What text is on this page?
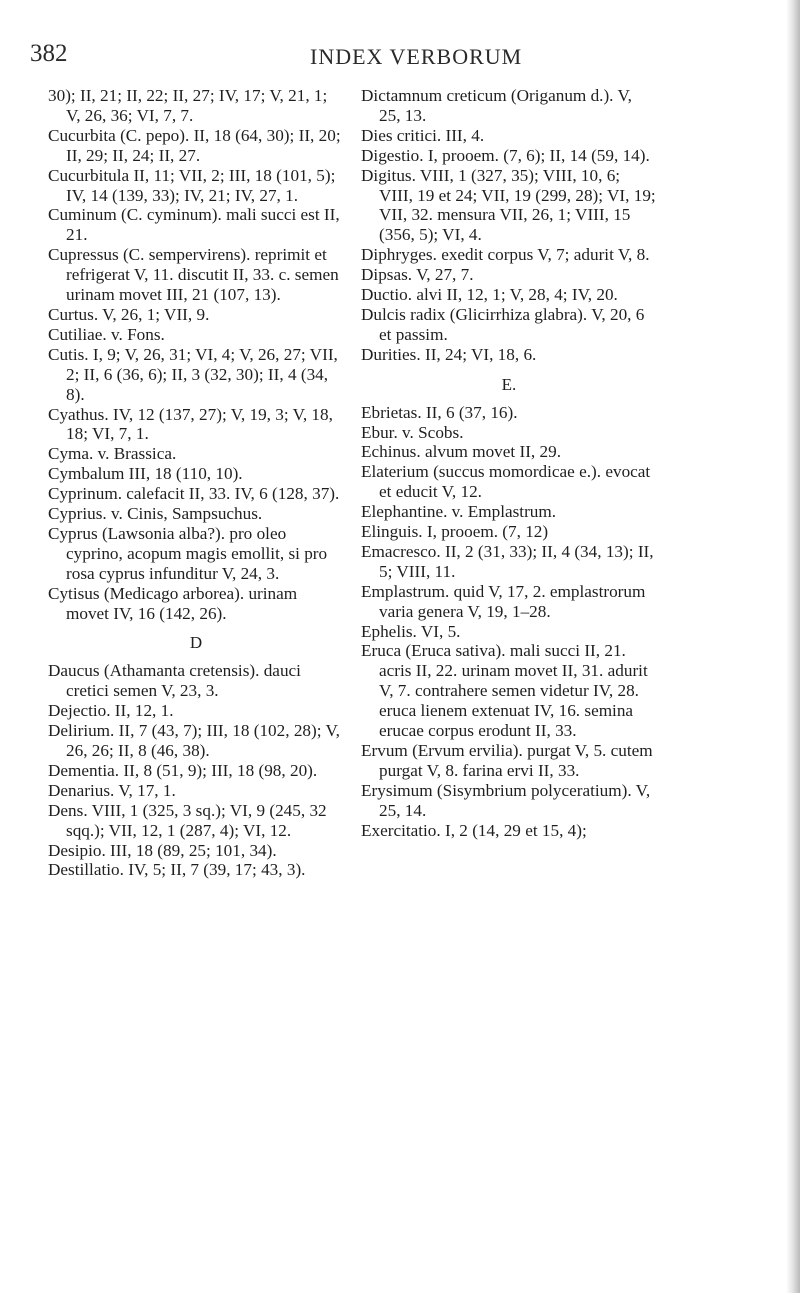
382	INDEX VERBORUM

30); II, 21; II, 22; II, 27; IV, 17; V, 21, 1; V, 26, 36; VI, 7, 7.

Cucurbita (C. pepo). II, 18 (64, 30); II, 20; II, 29; II, 24; II, 27.

Cucurbitula II, 11; VII, 2; III, 18 (101, 5); IV, 14 (139, 33); IV, 21; IV, 27, 1.

Cuminum (C. cyminum). mali succi est II, 21.

Cupressus (C. sempervirens). reprimit et refrigerat V, 11. discutit II, 33. c. semen urinam movet III, 21 (107, 13).

Curtus. V, 26, 1; VII, 9.

Cutiliae. v. Fons.

Cutis. I, 9; V, 26, 31; VI, 4; V, 26, 27; VII, 2; II, 6 (36, 6); II, 3 (32, 30); II, 4 (34, 8).

Cyathus. IV, 12 (137, 27); V, 19, 3; V, 18, 18; VI, 7, 1.

Cyma. v. Brassica.

Cymbalum III, 18 (110, 10).

Cyprinum. calefacit II, 33. IV, 6 (128, 37).

Cyprius. v. Cinis, Sampsuchus.

Cyprus (Lawsonia alba?). pro oleo cyprino, acopum magis emollit, si pro rosa cyprus infunditur V, 24, 3.

Cytisus (Medicago arborea). urinam movet IV, 16 (142, 26).

D

Daucus (Athamanta cretensis). dauci cretici semen V, 23, 3.

Dejectio. II, 12, 1.

Delirium. II, 7 (43, 7); III, 18 (102, 28); V, 26, 26; II, 8 (46, 38).

Dementia. II, 8 (51, 9); III, 18 (98, 20).

Denarius. V, 17, 1.

Dens. VIII, 1 (325, 3 sq.); VI, 9 (245, 32 sqq.); VII, 12, 1 (287, 4); VI, 12.

Desipio. III, 18 (89, 25; 101, 34).

Destillatio. IV, 5; II, 7 (39, 17; 43, 3).

Dictamnum creticum (Origanum d.). V, 25, 13.

Dies critici. III, 4.

Digestio. I, prooem. (7, 6); II, 14 (59, 14).

Digitus. VIII, 1 (327, 35); VIII, 10, 6; VIII, 19 et 24; VII, 19 (299, 28); VI, 19; VII, 32. mensura VII, 26, 1; VIII, 15 (356, 5); VI, 4.

Diphryges. exedit corpus V, 7; adurit V, 8.

Dipsas. V, 27, 7.

Ductio. alvi II, 12, 1; V, 28, 4; IV, 20.

Dulcis radix (Glicirrhiza glabra). V, 20, 6 et passim.

Durities. II, 24; VI, 18, 6.

E.

Ebrietas. II, 6 (37, 16).

Ebur. v. Scobs.

Echinus. alvum movet II, 29.

Elaterium (succus momordicae e.). evocat et educit V, 12.

Elephantine. v. Emplastrum.

Elinguis. I, prooem. (7, 12)

Emacresco. II, 2 (31, 33); II, 4 (34, 13); II, 5; VIII, 11.

Emplastrum. quid V, 17, 2. emplastrorum varia genera V, 19, 1–28.

Ephelis. VI, 5.

Eruca (Eruca sativa). mali succi II, 21. acris II, 22. urinam movet II, 31. adurit V, 7. contrahere semen videtur IV, 28. eruca lienem extenuat IV, 16. semina erucae corpus erodunt II, 33.

Ervum (Ervum ervilia). purgat V, 5. cutem purgat V, 8. farina ervi II, 33.

Erysimum (Sisymbrium polyceratium). V, 25, 14.

Exercitatio. I, 2 (14, 29 et 15, 4);
